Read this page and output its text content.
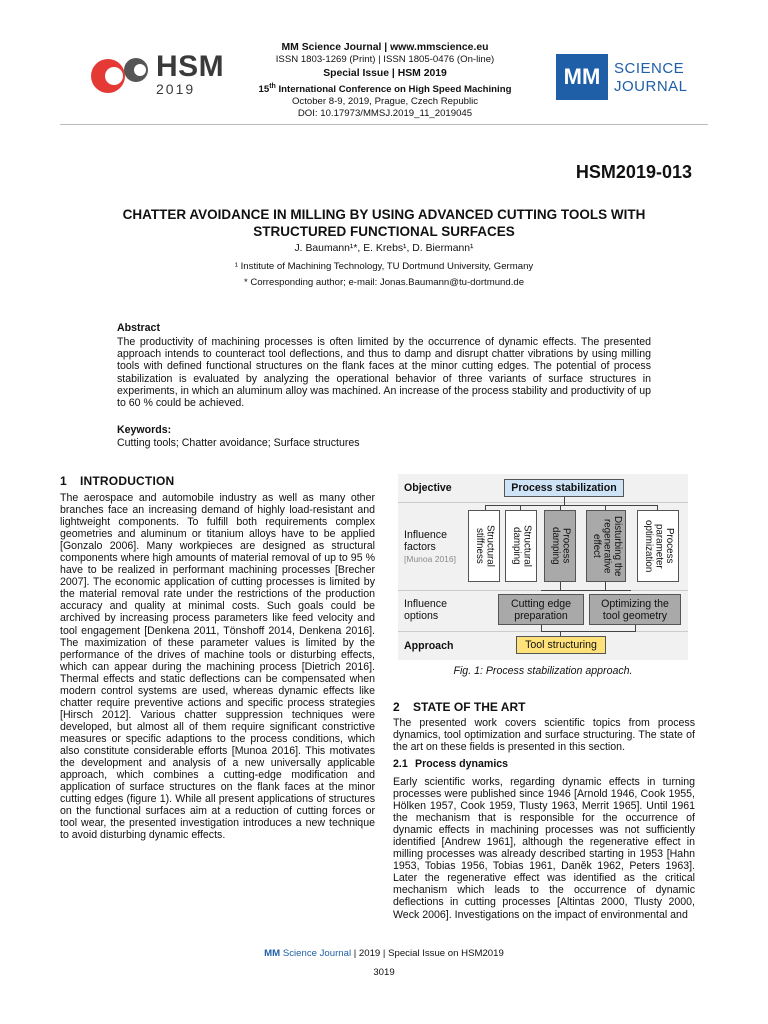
HSM
2019
MM Science Journal | www.mmscience.eu
ISSN 1803-1269 (Print) | ISSN 1805-0476 (On-line)
Special Issue | HSM 2019
15th International Conference on High Speed Machining
October 8-9, 2019, Prague, Czech Republic
DOI: 10.17973/MMSJ.2019_11_2019045
MM SCIENCE
JOURNAL
HSM2019-013
CHATTER AVOIDANCE IN MILLING BY USING ADVANCED CUTTING TOOLS WITH
STRUCTURED FUNCTIONAL SURFACES
J. Baumann¹*, E. Krebs¹, D. Biermann¹
¹ Institute of Machining Technology, TU Dortmund University, Germany
* Corresponding author; e-mail: Jonas.Baumann@tu-dortmund.de
Abstract
The productivity of machining processes is often limited by the occurrence of dynamic effects. The presented approach intends to counteract tool deflections, and thus to damp and disrupt chatter vibrations by using milling tools with defined functional structures on the flank faces at the minor cutting edges. The potential of process stabilization is evaluated by analyzing the operational behavior of three variants of surface structures in experiments, in which an aluminum alloy was machined. An increase of the process stability and productivity of up to 60 % could be achieved.
Keywords:
Cutting tools; Chatter avoidance; Surface structures
1 INTRODUCTION
The aerospace and automobile industry as well as many other branches face an increasing demand of highly load-resistant and lightweight components. To fulfill both requirements complex geometries and aluminum or titanium alloys have to be applied [Gonzalo 2006]. Many workpieces are designed as structural components where high amounts of material removal of up to 95 % have to be realized in performant machining processes [Brecher 2007]. The economic application of cutting processes is limited by the material removal rate under the restrictions of the production accuracy and quality at minimal costs. Such goals could be archived by increasing process parameters like feed velocity and tool engagement [Denkena 2011, Tönshoff 2014, Denkena 2016]. The maximization of these parameter values is limited by the performance of the drives of machine tools or disturbing effects, which can appear during the machining process [Dietrich 2016]. Thermal effects and static deflections can be compensated when modern control systems are used, whereas dynamic effects like chatter require preventive actions and specific process strategies [Hirsch 2012]. Various chatter suppression techniques were developed, but almost all of them require significant constrictive measures or specific adaptions to the process conditions, which also constitute considerable efforts [Munoa 2016]. This motivates the development and analysis of a new universally applicable approach, which combines a cutting-edge modification and application of surface structures on the flank faces at the minor cutting edges (figure 1). While all present applications of structures on the functional surfaces aim at a reduction of cutting forces or tool wear, the presented investigation introduces a new technique to avoid disturbing dynamic effects.
Objective
Influence
factors
[Munoa 2016]
Influence
options
Approach
Process stabilization
Structural
stiffness	Structural
damping	Process
damping	Disturbing the
regenerative
effect	Process
parameter
optimization
Cutting edge
preparation
Optimizing the
tool geometry
Tool structuring
Fig. 1: Process stabilization approach.
2 STATE OF THE ART
The presented work covers scientific topics from process dynamics, tool optimization and surface structuring. The state of the art on these fields is presented in this section.
2.1 Process dynamics
Early scientific works, regarding dynamic effects in turning processes were published since 1946 [Arnold 1946, Cook 1955, Hölken 1957, Cook 1959, Tlusty 1963, Merrit 1965]. Until 1961 the mechanism that is responsible for the occurrence of dynamic effects in machining processes was not sufficiently identified [Andrew 1961], although the regenerative effect in milling processes was already described starting in 1953 [Hahn 1953, Tobias 1956, Tobias 1961, Daněk 1962, Peters 1963]. Later the regenerative effect was identified as the critical mechanism which leads to the occurrence of dynamic deflections in cutting processes [Altintas 2000, Tlusty 2000, Weck 2006]. Investigations on the impact of environmental and
MM Science Journal | 2019 | Special Issue on HSM2019
3019
